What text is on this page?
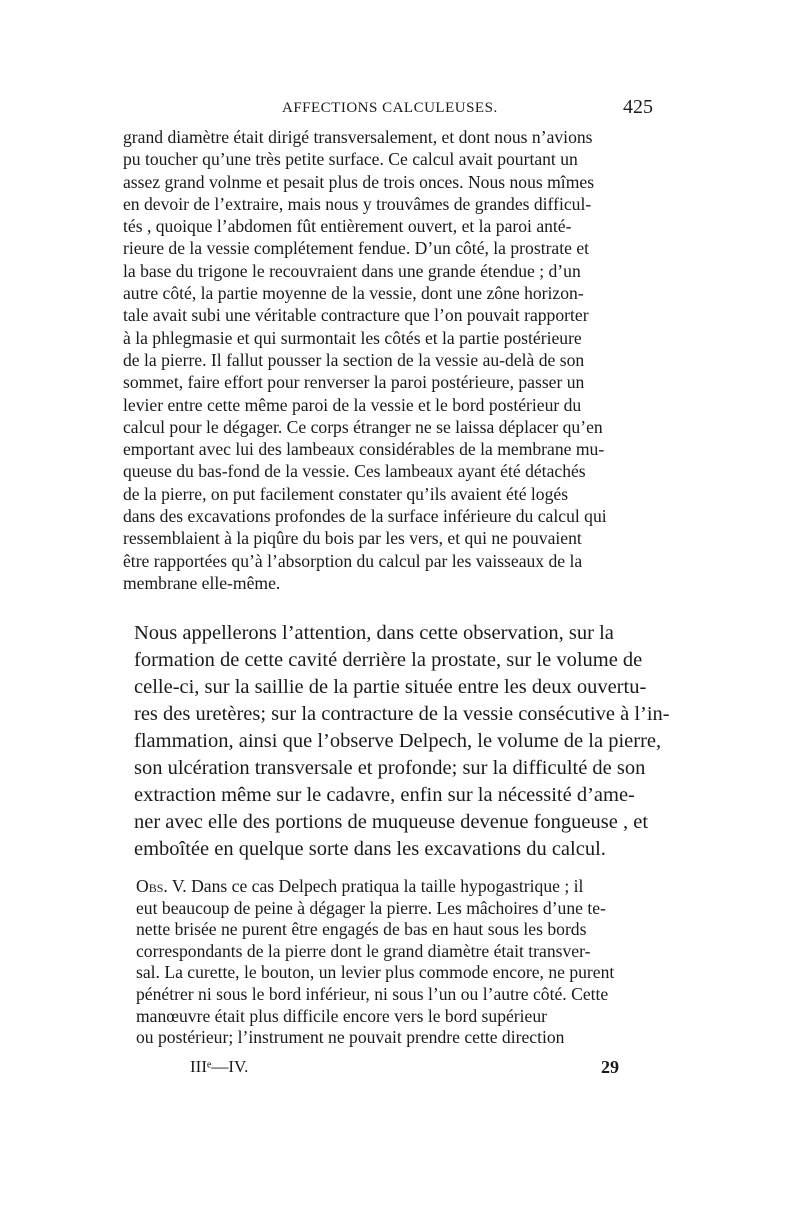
AFFECTIONS CALCULEUSES.	425
grand diamètre était dirigé transversalement, et dont nous n’avions
pu toucher qu’une très petite surface. Ce calcul avait pourtant un
assez grand volnme et pesait plus de trois onces. Nous nous mîmes
en devoir de l’extraire, mais nous y trouvâmes de grandes difficul-
tés , quoique l’abdomen fût entièrement ouvert, et la paroi anté-
rieure de la vessie complétement fendue. D’un côté, la prostrate et
la base du trigone le recouvraient dans une grande étendue ; d’un
autre côté, la partie moyenne de la vessie, dont une zône horizon-
tale avait subi une véritable contracture que l’on pouvait rapporter
à la phlegmasie et qui surmontait les côtés et la partie postérieure
de la pierre. Il fallut pousser la section de la vessie au-delà de son
sommet, faire effort pour renverser la paroi postérieure, passer un
levier entre cette même paroi de la vessie et le bord postérieur du
calcul pour le dégager. Ce corps étranger ne se laissa déplacer qu’en
emportant avec lui des lambeaux considérables de la membrane mu-
queuse du bas-fond de la vessie. Ces lambeaux ayant été détachés
de la pierre, on put facilement constater qu’ils avaient été logés
dans des excavations profondes de la surface inférieure du calcul qui
ressemblaient à la piqûre du bois par les vers, et qui ne pouvaient
être rapportées qu’à l’absorption du calcul par les vaisseaux de la
membrane elle-même.
Nous appellerons l’attention, dans cette observation, sur la
formation de cette cavité derrière la prostate, sur le volume de
celle-ci, sur la saillie de la partie située entre les deux ouvertu-
res des uretères; sur la contracture de la vessie consécutive à l’in-
flammation, ainsi que l’observe Delpech, le volume de la pierre,
son ulcération transversale et profonde; sur la difficulté de son
extraction même sur le cadavre, enfin sur la nécessité d’ame-
ner avec elle des portions de muqueuse devenue fongueuse , et
emboîtée en quelque sorte dans les excavations du calcul.
Obs. V. Dans ce cas Delpech pratiqua la taille hypogastrique ; il
eut beaucoup de peine à dégager la pierre. Les mâchoires d’une te-
nette brisée ne purent être engagés de bas en haut sous les bords
correspondants de la pierre dont le grand diamètre était transver-
sal. La curette, le bouton, un levier plus commode encore, ne purent
pénétrer ni sous le bord inférieur, ni sous l’un ou l’autre côté. Cette
manœuvre était plus difficile encore vers le bord supérieur
ou postérieur; l’instrument ne pouvait prendre cette direction
IIIᵉ—IV.	29
